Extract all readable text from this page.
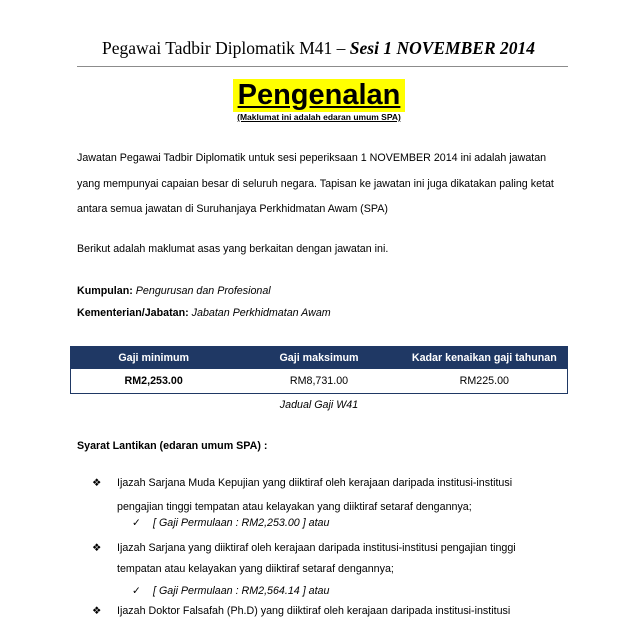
Pegawai Tadbir Diplomatik M41 – Sesi 1 NOVEMBER 2014
Pengenalan
(Maklumat ini adalah edaran umum SPA)
Jawatan Pegawai Tadbir Diplomatik untuk sesi peperiksaan 1 NOVEMBER 2014 ini adalah jawatan
yang mempunyai capaian besar di seluruh negara. Tapisan ke jawatan ini juga dikatakan paling ketat
antara semua jawatan di Suruhanjaya Perkhidmatan Awam (SPA)
Berikut adalah maklumat asas yang berkaitan dengan jawatan ini.
Kumpulan: Pengurusan dan Profesional
Kementerian/Jabatan: Jabatan Perkhidmatan Awam
Gaji minimum	Gaji maksimum	Kadar kenaikan gaji tahunan
RM2,253.00	RM8,731.00	RM225.00
Jadual Gaji W41
Syarat Lantikan (edaran umum SPA) :
❖
Ijazah Sarjana Muda Kepujian yang diiktiraf oleh kerajaan daripada institusi-institusi
pengajian tinggi tempatan atau kelayakan yang diiktiraf setaraf dengannya;
✓
[ Gaji Permulaan : RM2,253.00 ] atau
❖
Ijazah Sarjana yang diiktiraf oleh kerajaan daripada institusi-institusi pengajian tinggi
tempatan atau kelayakan yang diiktiraf setaraf dengannya;
✓
[ Gaji Permulaan : RM2,564.14 ] atau
❖
Ijazah Doktor Falsafah (Ph.D) yang diiktiraf oleh kerajaan daripada institusi-institusi
